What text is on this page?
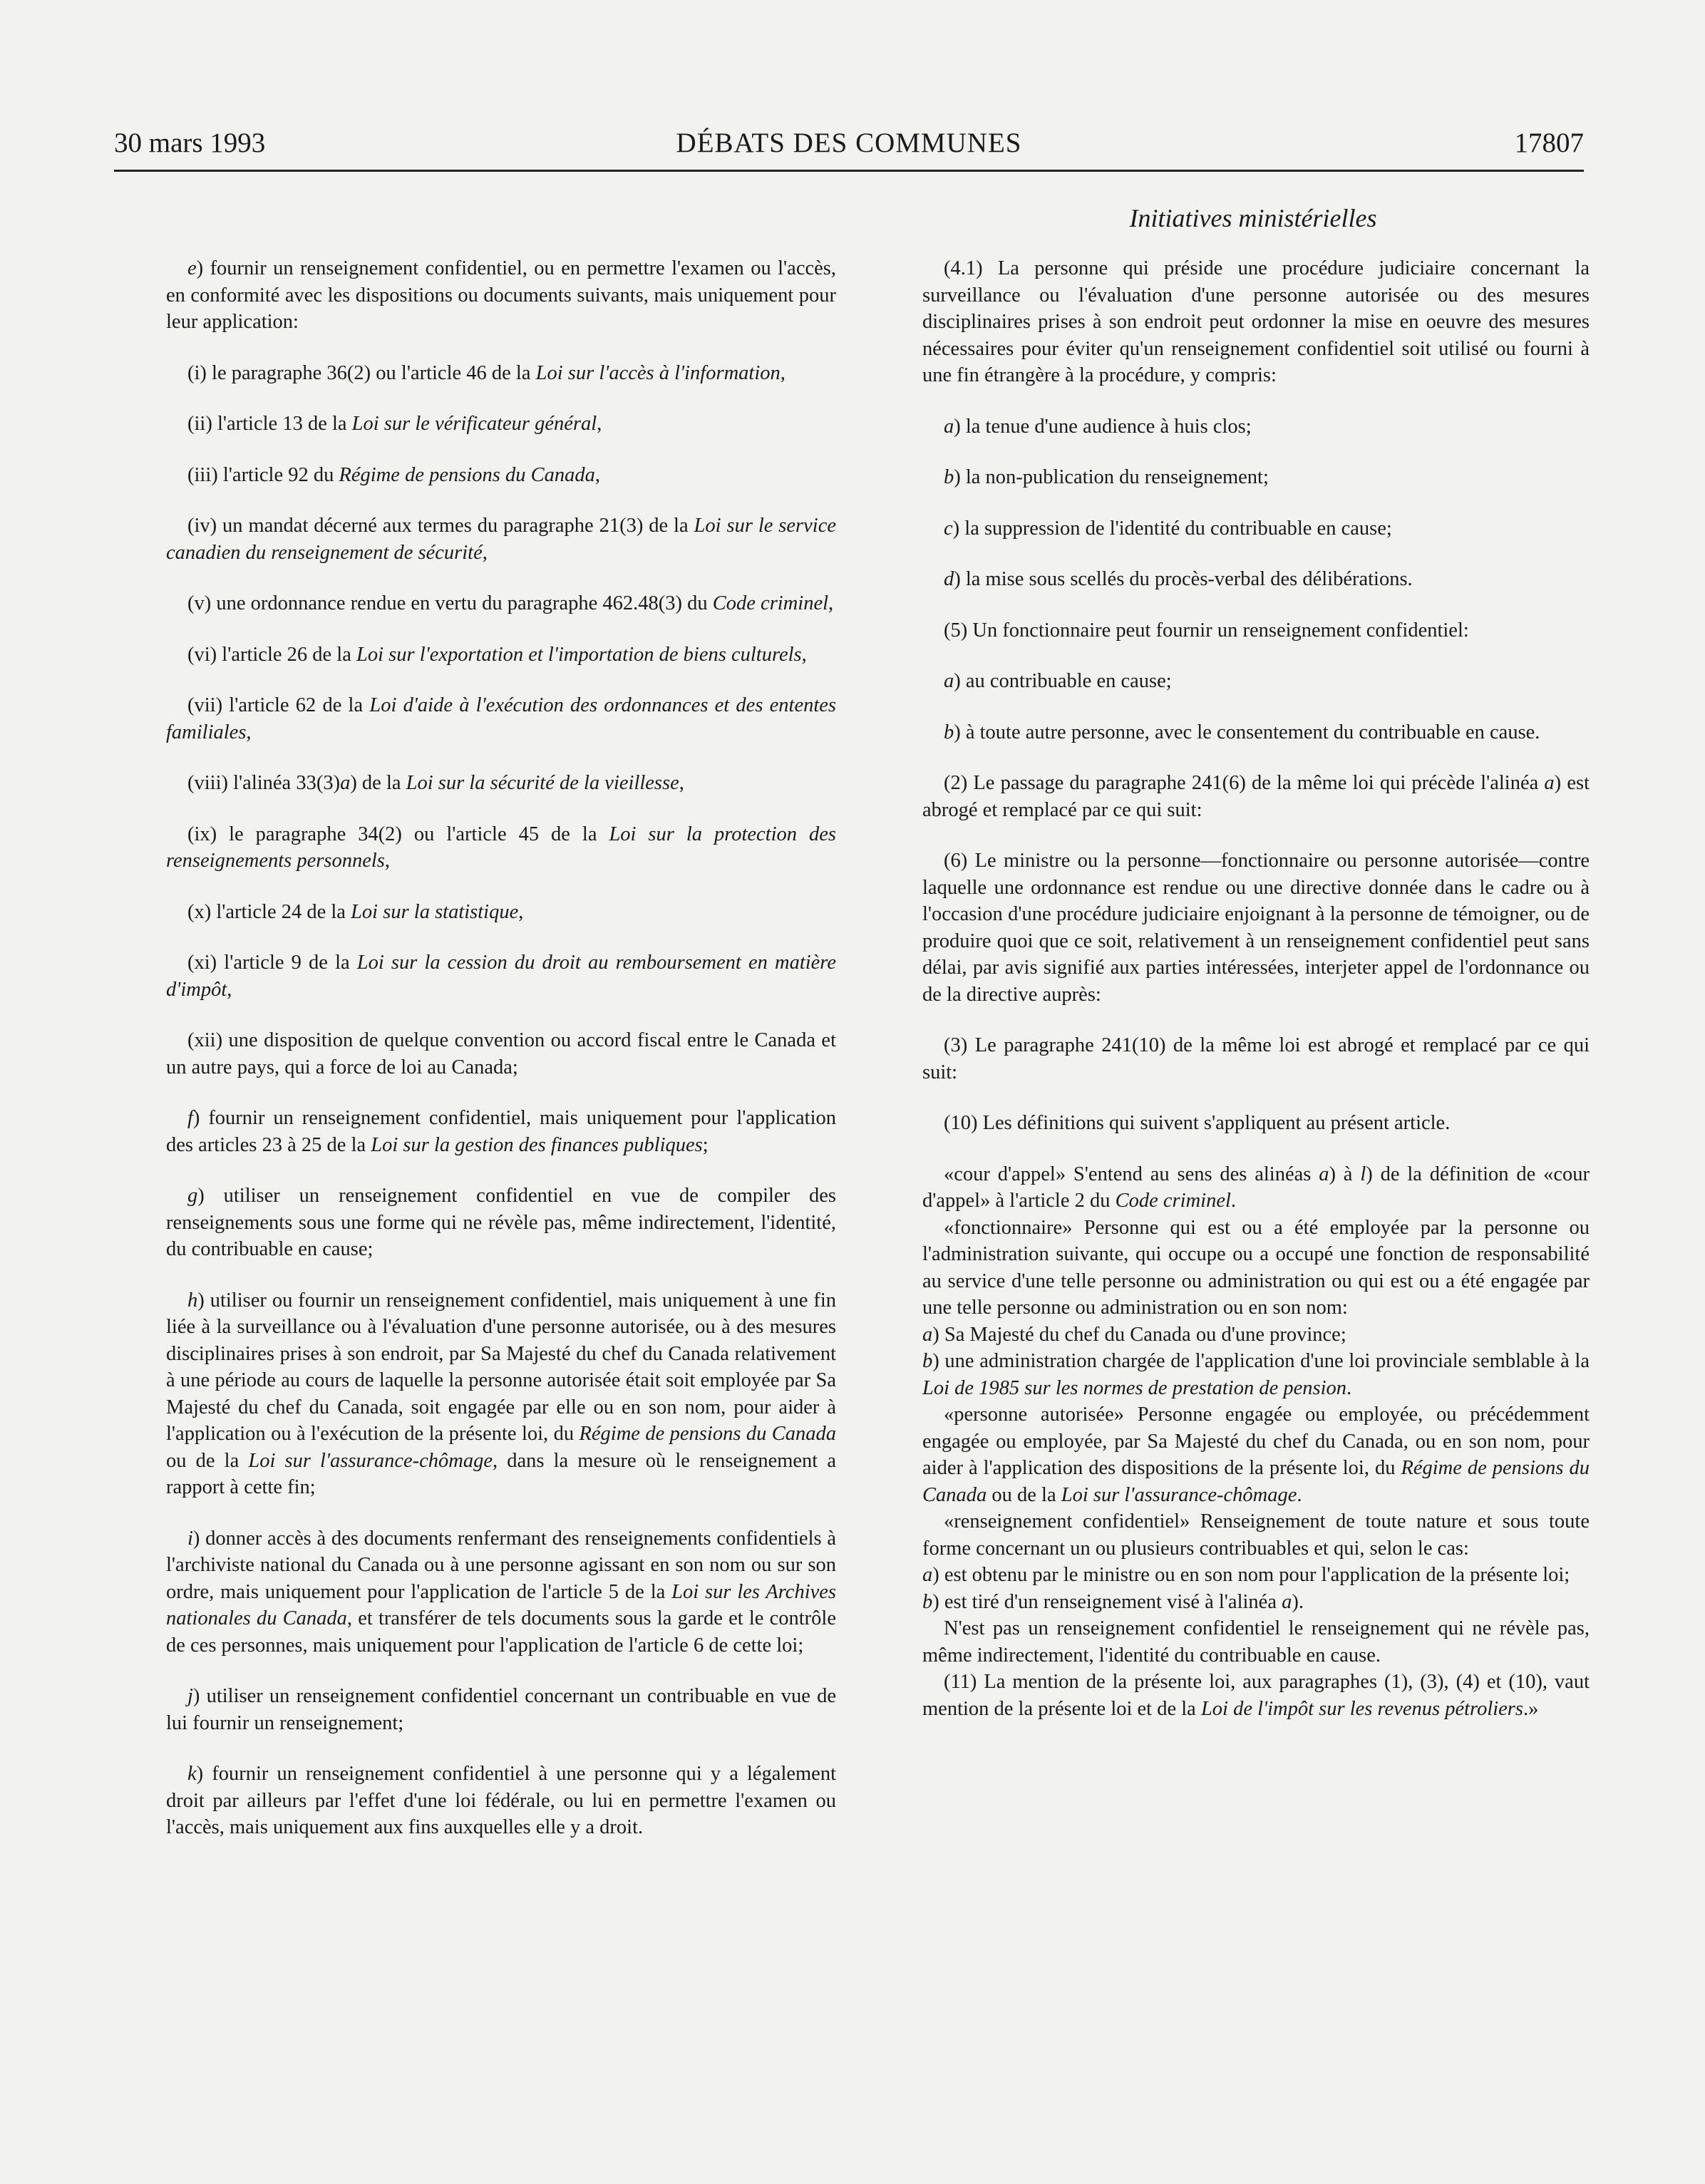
30 mars 1993	DÉBATS DES COMMUNES	17807
Initiatives ministérielles

e) fournir un renseignement confidentiel, ou en permettre l'examen ou l'accès, en conformité avec les dispositions ou documents suivants, mais uniquement pour leur application:

(i) le paragraphe 36(2) ou l'article 46 de la Loi sur l'accès à l'information,

(ii) l'article 13 de la Loi sur le vérificateur général,

(iii) l'article 92 du Régime de pensions du Canada,

(iv) un mandat décerné aux termes du paragraphe 21(3) de la Loi sur le service canadien du renseignement de sécurité,

(v) une ordonnance rendue en vertu du paragraphe 462.48(3) du Code criminel,

(vi) l'article 26 de la Loi sur l'exportation et l'importation de biens culturels,

(vii) l'article 62 de la Loi d'aide à l'exécution des ordonnances et des ententes familiales,

(viii) l'alinéa 33(3)a) de la Loi sur la sécurité de la vieillesse,

(ix) le paragraphe 34(2) ou l'article 45 de la Loi sur la protection des renseignements personnels,

(x) l'article 24 de la Loi sur la statistique,

(xi) l'article 9 de la Loi sur la cession du droit au remboursement en matière d'impôt,

(xii) une disposition de quelque convention ou accord fiscal entre le Canada et un autre pays, qui a force de loi au Canada;

f) fournir un renseignement confidentiel, mais uniquement pour l'application des articles 23 à 25 de la Loi sur la gestion des finances publiques;

g) utiliser un renseignement confidentiel en vue de compiler des renseignements sous une forme qui ne révèle pas, même indirectement, l'identité, du contribuable en cause;

h) utiliser ou fournir un renseignement confidentiel, mais uniquement à une fin liée à la surveillance ou à l'évaluation d'une personne autorisée, ou à des mesures disciplinaires prises à son endroit, par Sa Majesté du chef du Canada relativement à une période au cours de laquelle la personne autorisée était soit employée par Sa Majesté du chef du Canada, soit engagée par elle ou en son nom, pour aider à l'application ou à l'exécution de la présente loi, du Régime de pensions du Canada ou de la Loi sur l'assurance-chômage, dans la mesure où le renseignement a rapport à cette fin;

i) donner accès à des documents renfermant des renseignements confidentiels à l'archiviste national du Canada ou à une personne agissant en son nom ou sur son ordre, mais uniquement pour l'application de l'article 5 de la Loi sur les Archives nationales du Canada, et transférer de tels documents sous la garde et le contrôle de ces personnes, mais uniquement pour l'application de l'article 6 de cette loi;

j) utiliser un renseignement confidentiel concernant un contribuable en vue de lui fournir un renseignement;

k) fournir un renseignement confidentiel à une personne qui y a légalement droit par ailleurs par l'effet d'une loi fédérale, ou lui en permettre l'examen ou l'accès, mais uniquement aux fins auxquelles elle y a droit.

(4.1) La personne qui préside une procédure judiciaire concernant la surveillance ou l'évaluation d'une personne autorisée ou des mesures disciplinaires prises à son endroit peut ordonner la mise en oeuvre des mesures nécessaires pour éviter qu'un renseignement confidentiel soit utilisé ou fourni à une fin étrangère à la procédure, y compris:

a) la tenue d'une audience à huis clos;

b) la non-publication du renseignement;

c) la suppression de l'identité du contribuable en cause;

d) la mise sous scellés du procès-verbal des délibérations.

(5) Un fonctionnaire peut fournir un renseignement confidentiel:

a) au contribuable en cause;

b) à toute autre personne, avec le consentement du contribuable en cause.

(2) Le passage du paragraphe 241(6) de la même loi qui précède l'alinéa a) est abrogé et remplacé par ce qui suit:

(6) Le ministre ou la personne—fonctionnaire ou personne autorisée—contre laquelle une ordonnance est rendue ou une directive donnée dans le cadre ou à l'occasion d'une procédure judiciaire enjoignant à la personne de témoigner, ou de produire quoi que ce soit, relativement à un renseignement confidentiel peut sans délai, par avis signifié aux parties intéressées, interjeter appel de l'ordonnance ou de la directive auprès:

(3) Le paragraphe 241(10) de la même loi est abrogé et remplacé par ce qui suit:

(10) Les définitions qui suivent s'appliquent au présent article.

«cour d'appel» S'entend au sens des alinéas a) à l) de la définition de «cour d'appel» à l'article 2 du Code criminel.

«fonctionnaire» Personne qui est ou a été employée par la personne ou l'administration suivante, qui occupe ou a occupé une fonction de responsabilité au service d'une telle personne ou administration ou qui est ou a été engagée par une telle personne ou administration ou en son nom:

a) Sa Majesté du chef du Canada ou d'une province;

b) une administration chargée de l'application d'une loi provinciale semblable à la Loi de 1985 sur les normes de prestation de pension.

«personne autorisée» Personne engagée ou employée, ou précédemment engagée ou employée, par Sa Majesté du chef du Canada, ou en son nom, pour aider à l'application des dispositions de la présente loi, du Régime de pensions du Canada ou de la Loi sur l'assurance-chômage.

«renseignement confidentiel» Renseignement de toute nature et sous toute forme concernant un ou plusieurs contribuables et qui, selon le cas:

a) est obtenu par le ministre ou en son nom pour l'application de la présente loi;

b) est tiré d'un renseignement visé à l'alinéa a).

N'est pas un renseignement confidentiel le renseignement qui ne révèle pas, même indirectement, l'identité du contribuable en cause.

(11) La mention de la présente loi, aux paragraphes (1), (3), (4) et (10), vaut mention de la présente loi et de la Loi de l'impôt sur les revenus pétroliers.»
